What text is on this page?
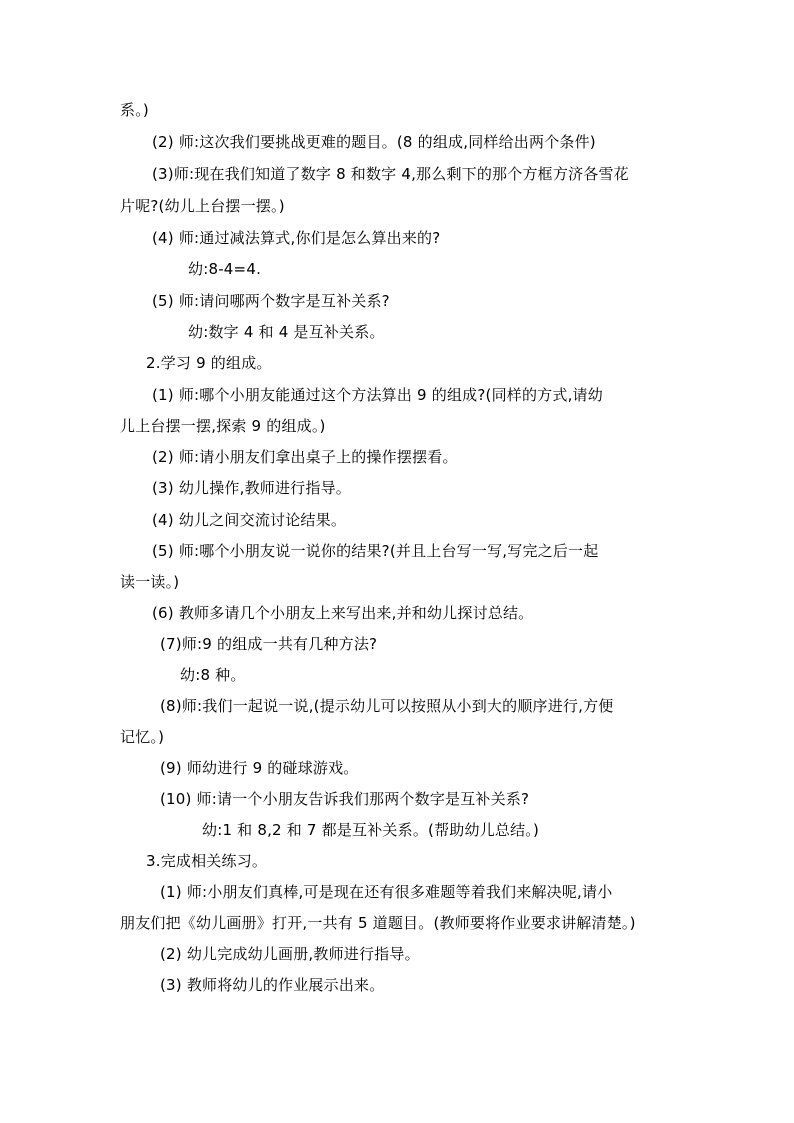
系。)
(2) 师:这次我们要挑战更难的题目。(8 的组成,同样给出两个条件)
(3)师:现在我们知道了数字 8 和数字 4,那么剩下的那个方框方济各雪花
片呢?(幼儿上台摆一摆。)
(4) 师:通过减法算式,你们是怎么算出来的?
幼:8-4=4.
(5) 师:请问哪两个数字是互补关系?
幼:数字 4 和 4 是互补关系。
2.学习 9 的组成。
(1) 师:哪个小朋友能通过这个方法算出 9 的组成?(同样的方式,请幼
儿上台摆一摆,探索 9 的组成。)
(2) 师:请小朋友们拿出桌子上的操作摆摆看。
(3) 幼儿操作,教师进行指导。
(4) 幼儿之间交流讨论结果。
(5) 师:哪个小朋友说一说你的结果?(并且上台写一写,写完之后一起
读一读。)
(6) 教师多请几个小朋友上来写出来,并和幼儿探讨总结。
(7)师:9 的组成一共有几种方法?
幼:8 种。
(8)师:我们一起说一说,(提示幼儿可以按照从小到大的顺序进行,方便
记忆。)
(9) 师幼进行 9 的碰球游戏。
(10) 师:请一个小朋友告诉我们那两个数字是互补关系?
幼:1 和 8,2 和 7 都是互补关系。(帮助幼儿总结。)
3.完成相关练习。
(1) 师:小朋友们真棒,可是现在还有很多难题等着我们来解决呢,请小
朋友们把《幼儿画册》打开,一共有 5 道题目。(教师要将作业要求讲解清楚。)
(2) 幼儿完成幼儿画册,教师进行指导。
(3) 教师将幼儿的作业展示出来。
